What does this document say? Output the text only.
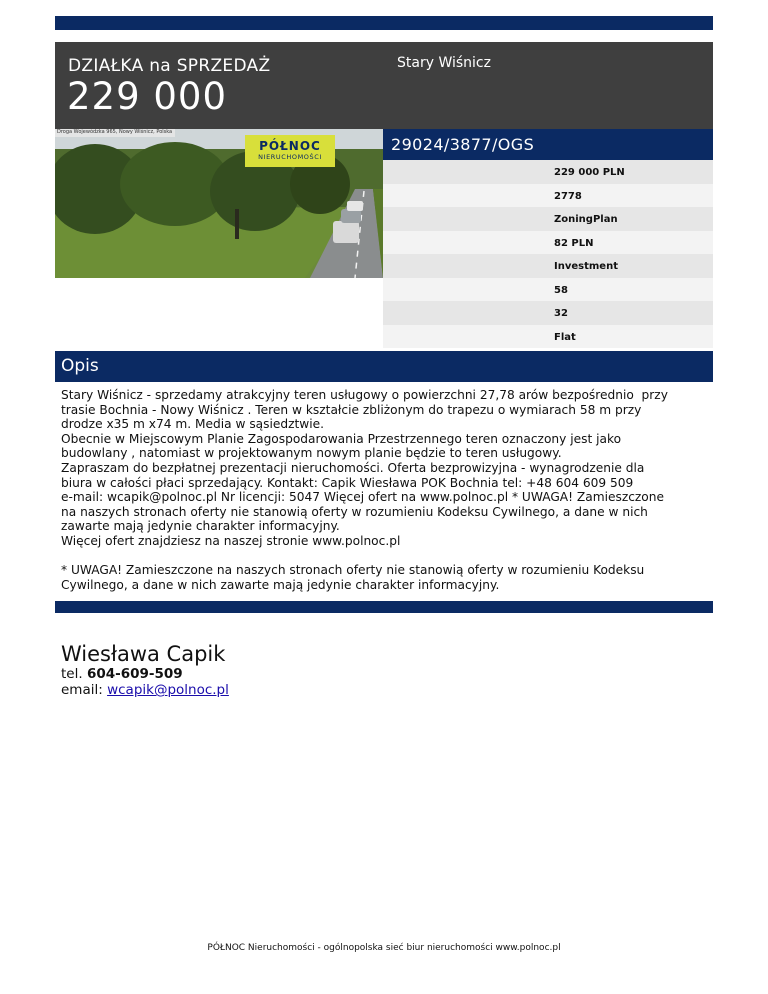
DZIAŁKA na SPRZEDAŻ
229 000
Stary Wiśnicz
Droga Wojewódzka 965, Nowy Wiśnicz, Polska
PÓŁNOC
NIERUCHOMOŚCI
29024/3877/OGS
229 000 PLN
2778
ZoningPlan
82 PLN
Investment
58
32
Flat
Opis
Stary Wiśnicz - sprzedamy atrakcyjny teren usługowy o powierzchni 27,78 arów bezpośrednio  przy
trasie Bochnia - Nowy Wiśnicz . Teren w kształcie zbliżonym do trapezu o wymiarach 58 m przy
drodze x35 m x74 m. Media w sąsiedztwie.
Obecnie w Miejscowym Planie Zagospodarowania Przestrzennego teren oznaczony jest jako
budowlany , natomiast w projektowanym nowym planie będzie to teren usługowy.
Zapraszam do bezpłatnej prezentacji nieruchomości. Oferta bezprowizyjna - wynagrodzenie dla
biura w całości płaci sprzedający. Kontakt: Capik Wiesława POK Bochnia tel: +48 604 609 509
e-mail: wcapik@polnoc.pl Nr licencji: 5047 Więcej ofert na www.polnoc.pl * UWAGA! Zamieszczone
na naszych stronach oferty nie stanowią oferty w rozumieniu Kodeksu Cywilnego, a dane w nich
zawarte mają jedynie charakter informacyjny.
Więcej ofert znajdziesz na naszej stronie www.polnoc.pl
* UWAGA! Zamieszczone na naszych stronach oferty nie stanowią oferty w rozumieniu Kodeksu
Cywilnego, a dane w nich zawarte mają jedynie charakter informacyjny.
Wiesława Capik
tel. 604-609-509
email: wcapik@polnoc.pl
PÓŁNOC Nieruchomości - ogólnopolska sieć biur nieruchomości www.polnoc.pl
